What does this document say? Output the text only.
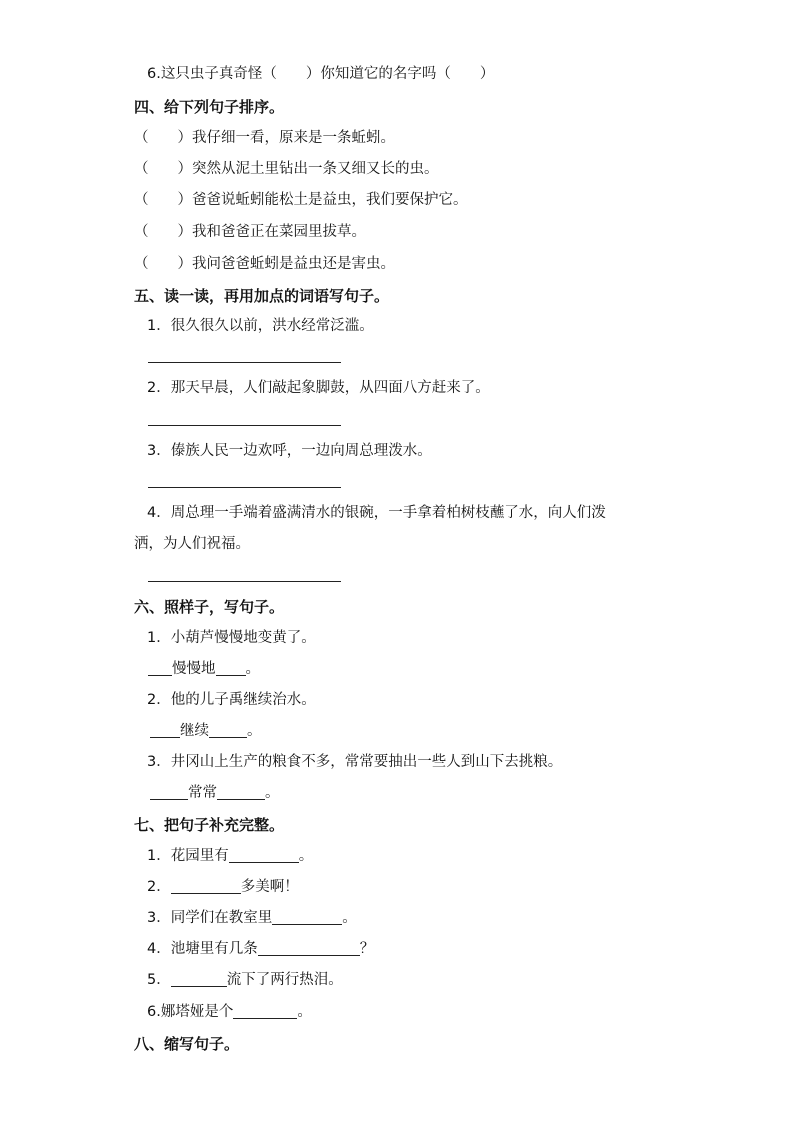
6.这只虫子真奇怪（　　）你知道它的名字吗（　　）
四、给下列句子排序。
（　　）我仔细一看，原来是一条蚯蚓。
（　　）突然从泥土里钻出一条又细又长的虫。
（　　）爸爸说蚯蚓能松土是益虫，我们要保护它。
（　　）我和爸爸正在菜园里拔草。
（　　）我问爸爸蚯蚓是益虫还是害虫。
五、读一读，再用加点的词语写句子。
1．很久很久以前，洪水经常泛滥。
2．那天早晨，人们敲起象脚鼓，从四面八方赶来了。
3．傣族人民一边欢呼，一边向周总理泼水。
4．周总理一手端着盛满清水的银碗，一手拿着柏树枝蘸了水，向人们泼
洒，为人们祝福。
六、照样子，写句子。
1．小葫芦慢慢地变黄了。
慢慢地 。
2．他的儿子禹继续治水。
继续	。
3．井冈山上生产的粮食不多，常常要抽出一些人到山下去挑粮。
常常	。
七、把句子补充完整。
1．花园里有	。
2．	多美啊！
3．同学们在教室里	。
4．池塘里有几条	？
5．	流下了两行热泪。
6.娜塔娅是个	。
八、缩写句子。
